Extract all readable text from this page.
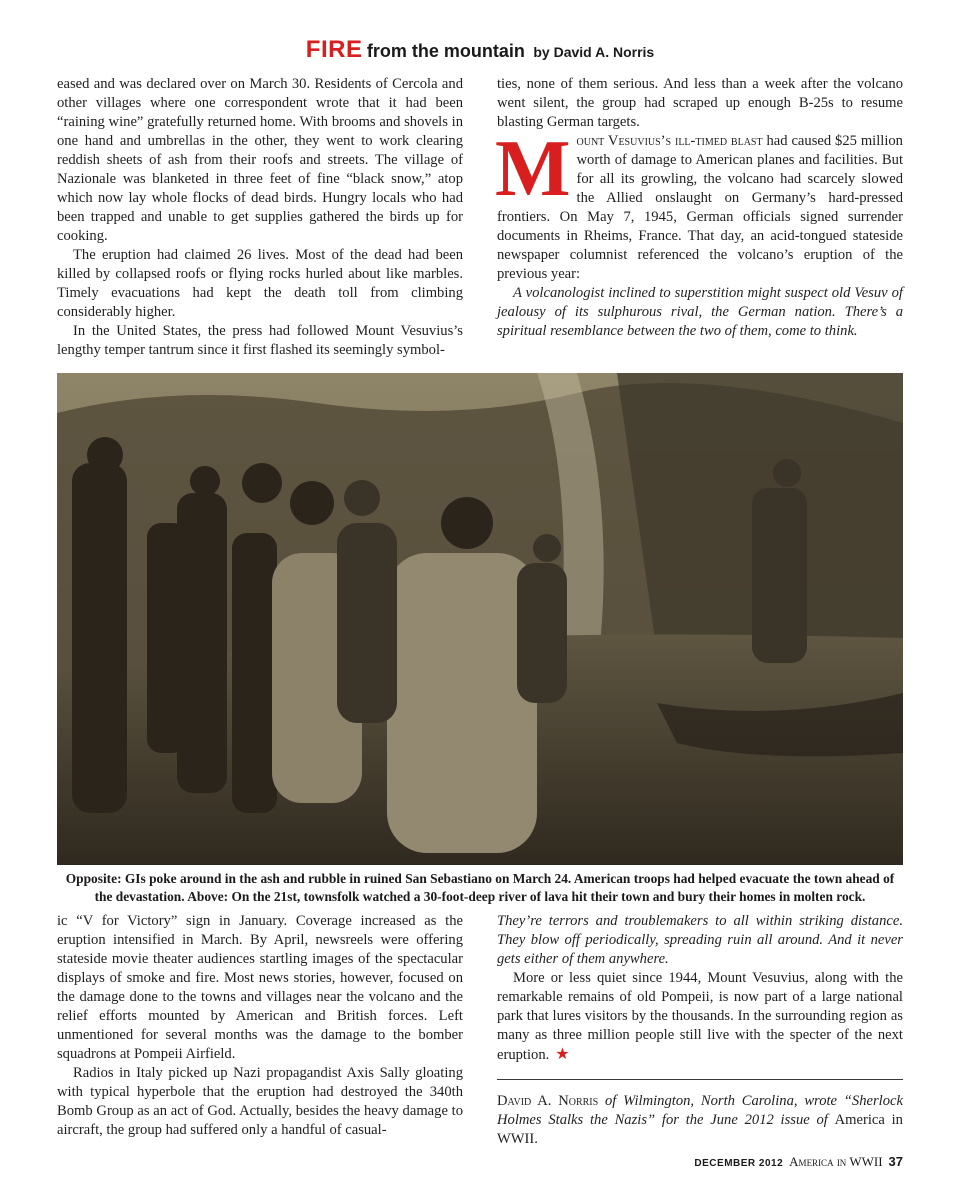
FIRE from the mountain by David A. Norris

eased and was declared over on March 30. Residents of Cercola and other villages where one correspondent wrote that it had been “raining wine” gratefully returned home. With brooms and shovels in one hand and umbrellas in the other, they went to work clearing reddish sheets of ash from their roofs and streets. The village of Nazionale was blanketed in three feet of fine “black snow,” atop which now lay whole flocks of dead birds. Hungry locals who had been trapped and unable to get supplies gathered the birds up for cooking.

The eruption had claimed 26 lives. Most of the dead had been killed by collapsed roofs or flying rocks hurled about like marbles. Timely evacuations had kept the death toll from climbing considerably higher.

In the United States, the press had followed Mount Vesuvius’s lengthy temper tantrum since it first flashed its seemingly symbol-

ties, none of them serious. And less than a week after the volcano went silent, the group had scraped up enough B-25s to resume blasting German targets.

Mount Vesuvius’s ill-timed blast had caused $25 million worth of damage to American planes and facilities. But for all its growling, the volcano had scarcely slowed the Allied onslaught on Germany’s hard-pressed frontiers. On May 7, 1945, German officials signed surrender documents in Rheims, France. That day, an acid-tongued stateside newspaper columnist referenced the volcano’s eruption of the previous year:

A volcanologist inclined to superstition might suspect old Vesuv of jealousy of its sulphurous rival, the German nation. There’s a spiritual resemblance between the two of them, come to think.

Opposite: GIs poke around in the ash and rubble in ruined San Sebastiano on March 24. American troops had helped evacuate the town ahead of the devastation. Above: On the 21st, townsfolk watched a 30-foot-deep river of lava hit their town and bury their homes in molten rock.

ic “V for Victory” sign in January. Coverage increased as the eruption intensified in March. By April, newsreels were offering stateside movie theater audiences startling images of the spectacular displays of smoke and fire. Most news stories, however, focused on the damage done to the towns and villages near the volcano and the relief efforts mounted by American and British forces. Left unmentioned for several months was the damage to the bomber squadrons at Pompeii Airfield.

Radios in Italy picked up Nazi propagandist Axis Sally gloating with typical hyperbole that the eruption had destroyed the 340th Bomb Group as an act of God. Actually, besides the heavy damage to aircraft, the group had suffered only a handful of casual-

They’re terrors and troublemakers to all within striking distance. They blow off periodically, spreading ruin all around. And it never gets either of them anywhere.

More or less quiet since 1944, Mount Vesuvius, along with the remarkable remains of old Pompeii, is now part of a large national park that lures visitors by the thousands. In the surrounding region as many as three million people still live with the specter of the next eruption. ★

David A. Norris of Wilmington, North Carolina, wrote “Sherlock Holmes Stalks the Nazis” for the June 2012 issue of America in WWII.

DECEMBER 2012 America in WWII 37
